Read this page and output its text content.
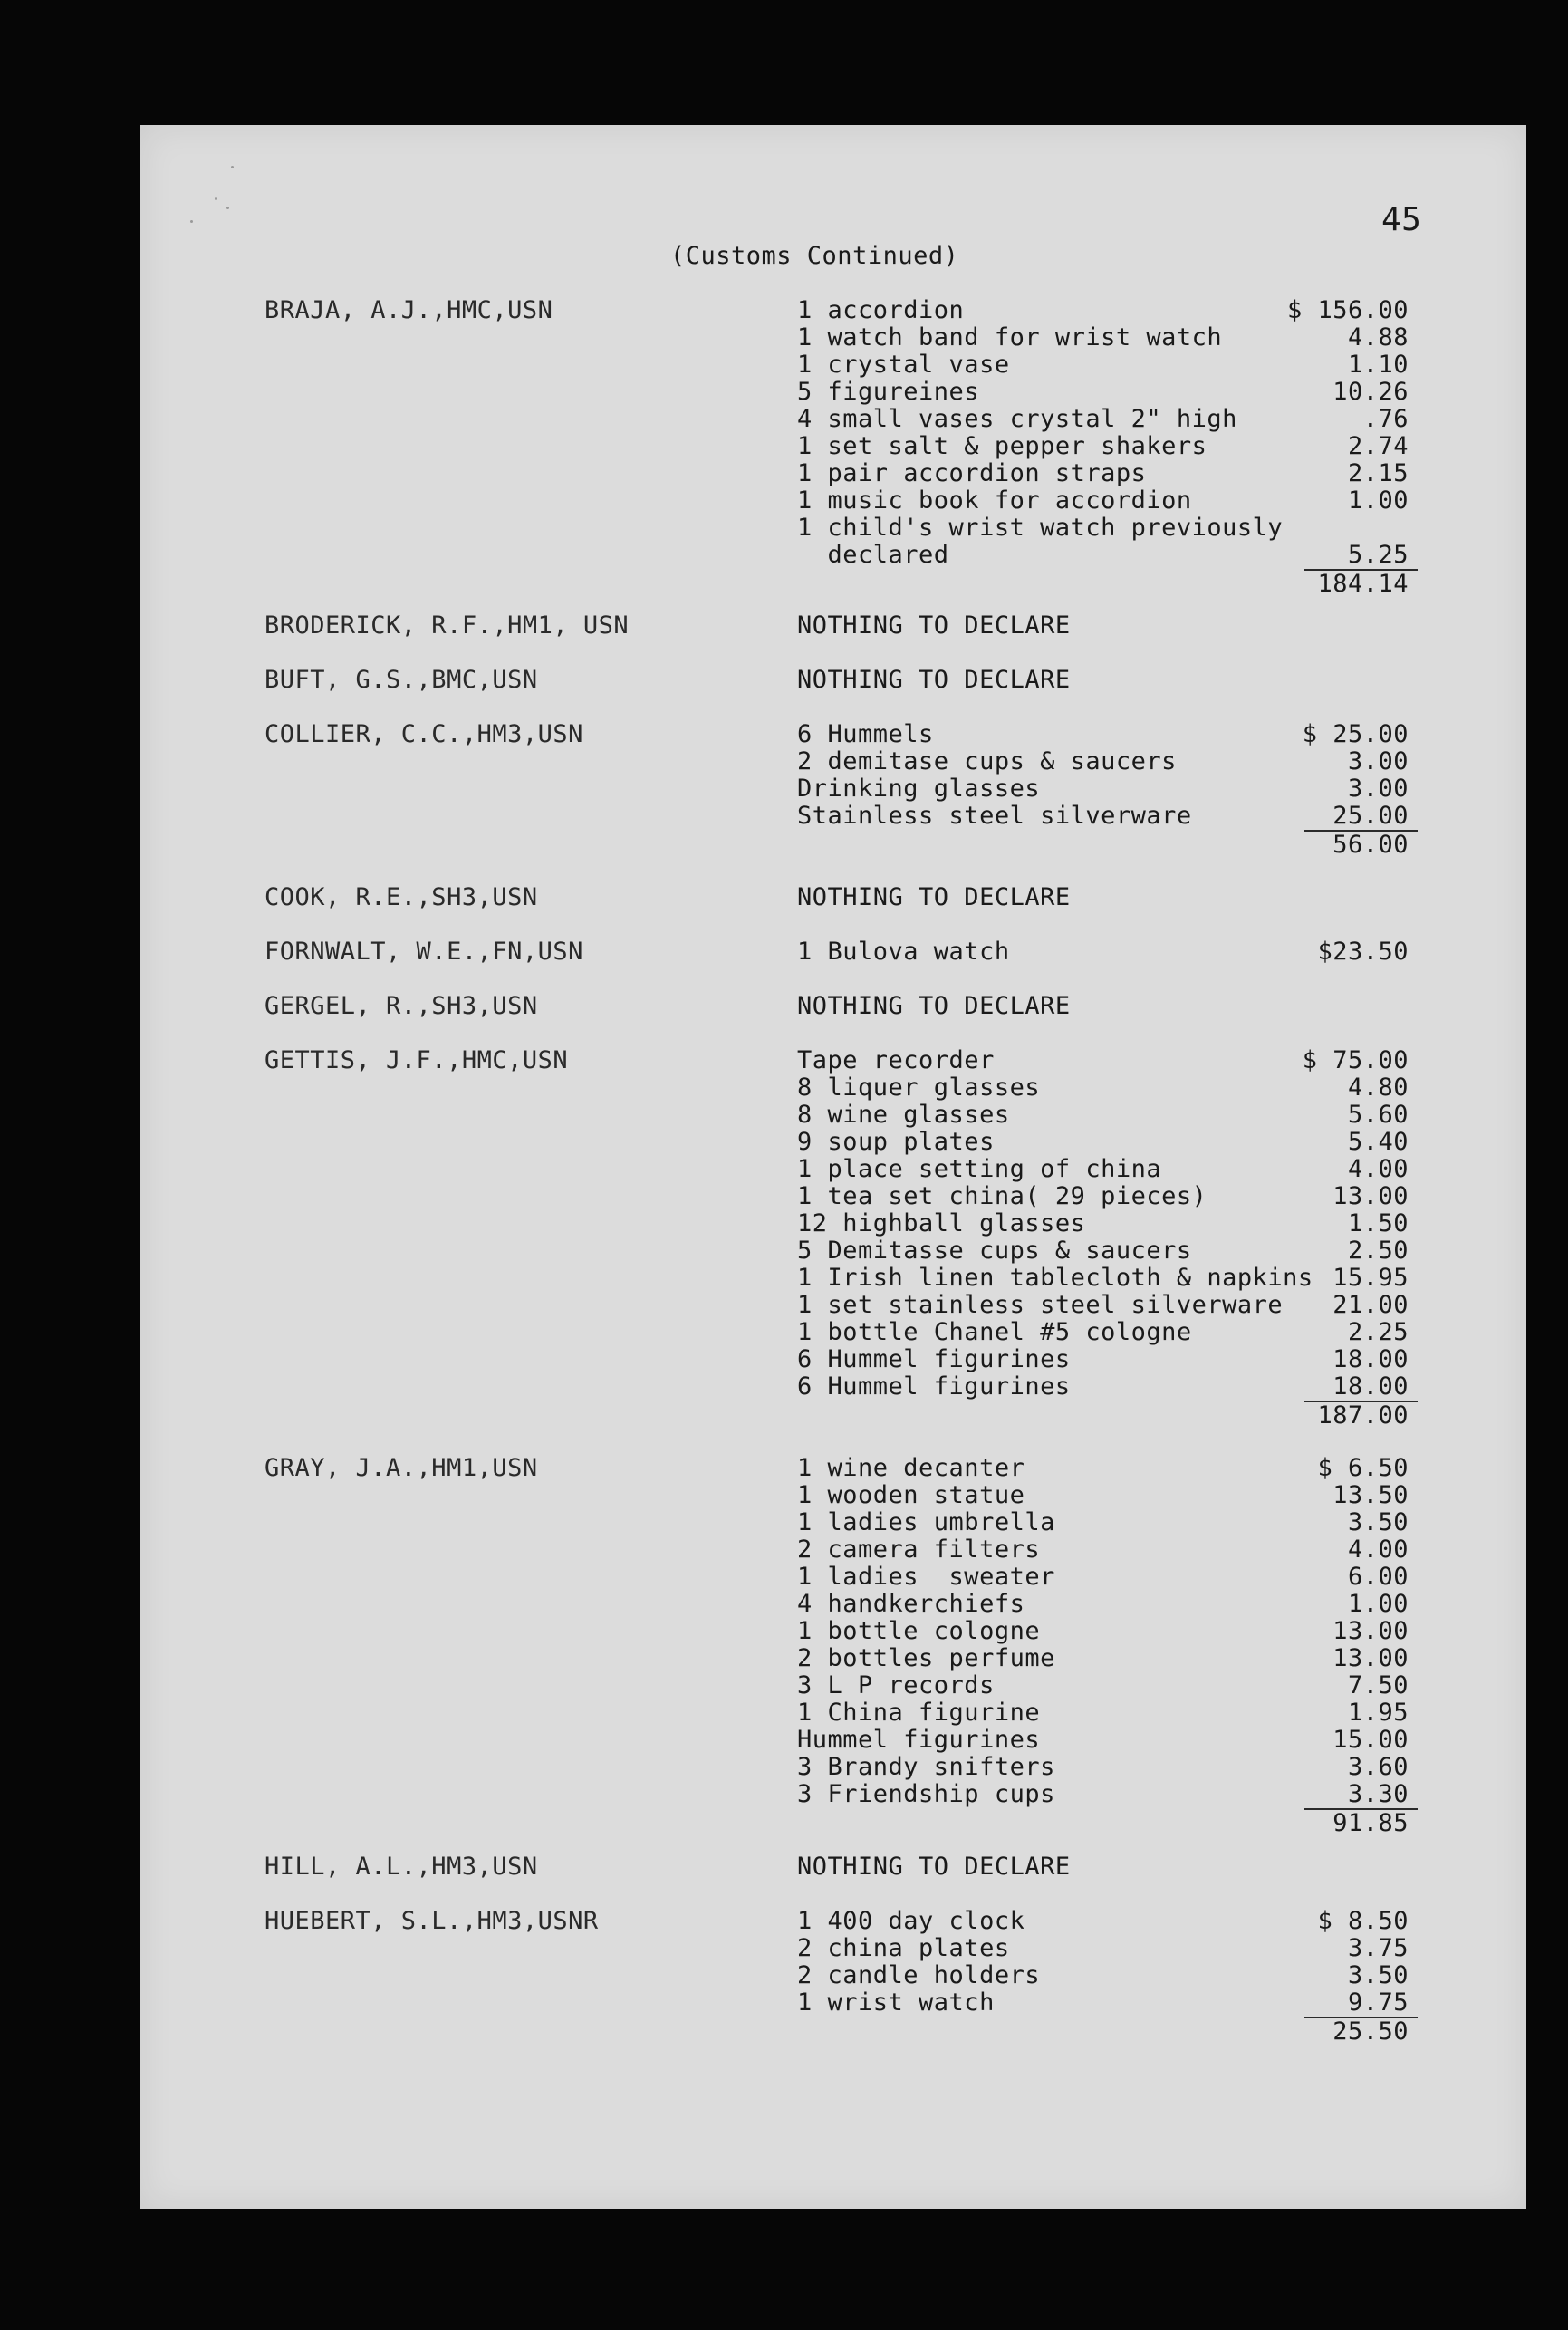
45
(Customs Continued)
BRAJA, A.J.,HMC,USN	1 accordion	$ 156.00
1 watch band for wrist watch	4.88
1 crystal vase	1.10
5 figureines	10.26
4 small vases crystal 2" high	.76
1 set salt & pepper shakers	2.74
1 pair accordion straps	2.15
1 music book for accordion	1.00
1 child's wrist watch previously
declared	5.25
184.14
BRODERICK, R.F.,HM1, USN	NOTHING TO DECLARE
BUFT, G.S.,BMC,USN	NOTHING TO DECLARE
COLLIER, C.C.,HM3,USN	6 Hummels	$ 25.00
2 demitase cups & saucers	3.00
Drinking glasses	3.00
Stainless steel silverware	25.00
56.00
COOK, R.E.,SH3,USN	NOTHING TO DECLARE
FORNWALT, W.E.,FN,USN	1 Bulova watch	$23.50
GERGEL, R.,SH3,USN	NOTHING TO DECLARE
GETTIS, J.F.,HMC,USN	Tape recorder	$ 75.00
8 liquer glasses	4.80
8 wine glasses	5.60
9 soup plates	5.40
1 place setting of china	4.00
1 tea set china( 29 pieces)	13.00
12 highball glasses	1.50
5 Demitasse cups & saucers	2.50
1 Irish linen tablecloth & napkins 15.95
1 set stainless steel silverware	21.00
1 bottle Chanel #5 cologne	2.25
6 Hummel figurines	18.00
6 Hummel figurines	18.00
187.00
GRAY, J.A.,HM1,USN	1 wine decanter	$ 6.50
1 wooden statue	13.50
1 ladies umbrella	3.50
2 camera filters	4.00
1 ladies  sweater	6.00
4 handkerchiefs	1.00
1 bottle cologne	13.00
2 bottles perfume	13.00
3 L P records	7.50
1 China figurine	1.95
Hummel figurines	15.00
3 Brandy snifters	3.60
3 Friendship cups	3.30
91.85
HILL, A.L.,HM3,USN	NOTHING TO DECLARE
HUEBERT, S.L.,HM3,USNR	1 400 day clock	$ 8.50
2 china plates	3.75
2 candle holders	3.50
1 wrist watch	9.75
25.50
